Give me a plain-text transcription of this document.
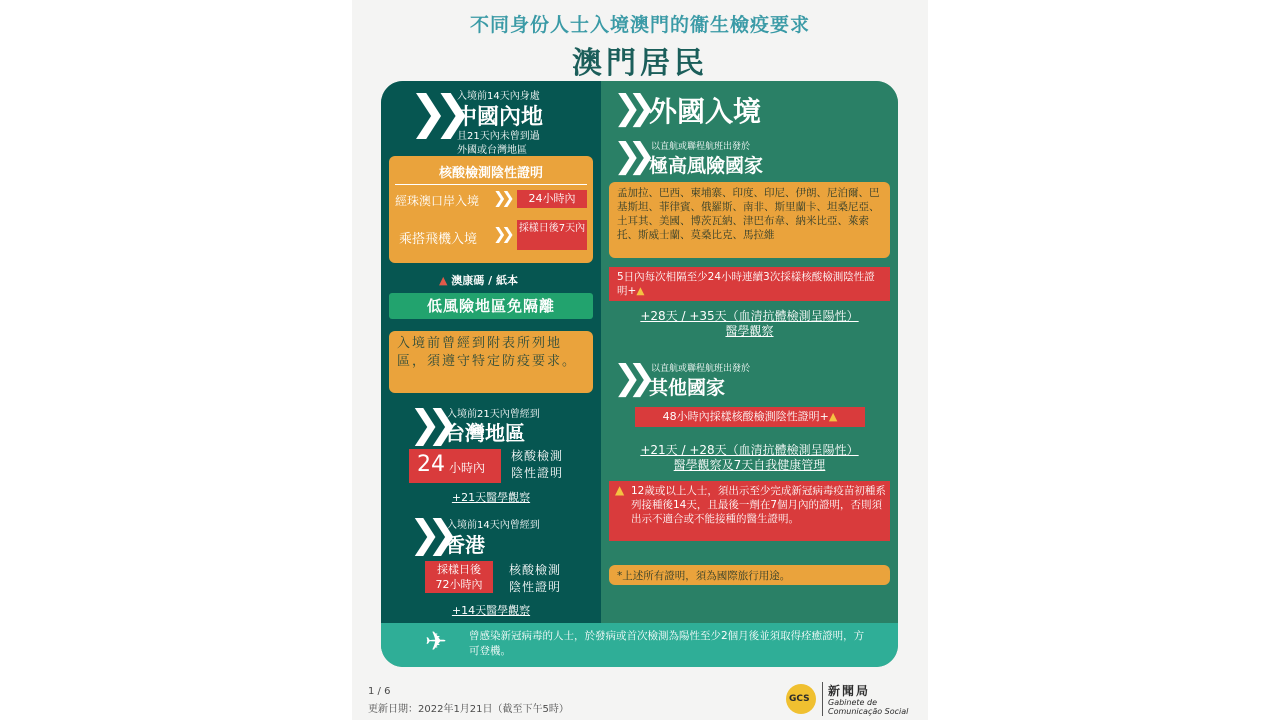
不同身份人士入境澳門的衞生檢疫要求
澳門居民
❯❯
入境前14天內身處
中國內地
且21天內未曾到過
外國或台灣地區
核酸檢測陰性證明
經珠澳口岸入境 ❯❯	24小時內
乘搭飛機入境 ❯❯ 採樣日後7天內
▲ 澳康碼 / 紙本
低風險地區免隔離
入境前曾經到附表所列地區，須遵守特定防疫要求。
❯❯ 入境前21天內曾經到
台灣地區
24 小時內
核酸檢測
陰性證明
+21天醫學觀察
❯❯ 入境前14天內曾經到
香港
採樣日後
72小時內
核酸檢測
陰性證明
+14天醫學觀察
❯❯ 外國入境
❯❯ 以直航或聯程航班出發於
極高風險國家
孟加拉、巴西、柬埔寨、印度、印尼、伊朗、尼泊爾、巴基斯坦、菲律賓、俄羅斯、南非、斯里蘭卡、坦桑尼亞、土耳其、美國、博茨瓦納、津巴布韋、納米比亞、萊索托、斯威士蘭、莫桑比克、馬拉維
5日內每次相隔至少24小時連續3次採樣核酸檢測陰性證明+▲
+28天 / +35天（血清抗體檢測呈陽性）
醫學觀察
❯❯ 以直航或聯程航班出發於
其他國家
48小時內採樣核酸檢測陰性證明+▲
+21天 / +28天（血清抗體檢測呈陽性）
醫學觀察及7天自我健康管理
▲ 12歲或以上人士，須出示至少完成新冠病毒疫苗初種系列接種後14天，且最後一劑在7個月內的證明，否則須出示不適合或不能接種的醫生證明。
*上述所有證明，須為國際旅行用途。
✈ 曾感染新冠病毒的人士，於發病或首次檢測為陽性至少2個月後並須取得痊癒證明，方可登機。
1 / 6
更新日期：2022年1月21日（截至下午5時）
GCS
新聞局
Gabinete de
Comunicação Social
